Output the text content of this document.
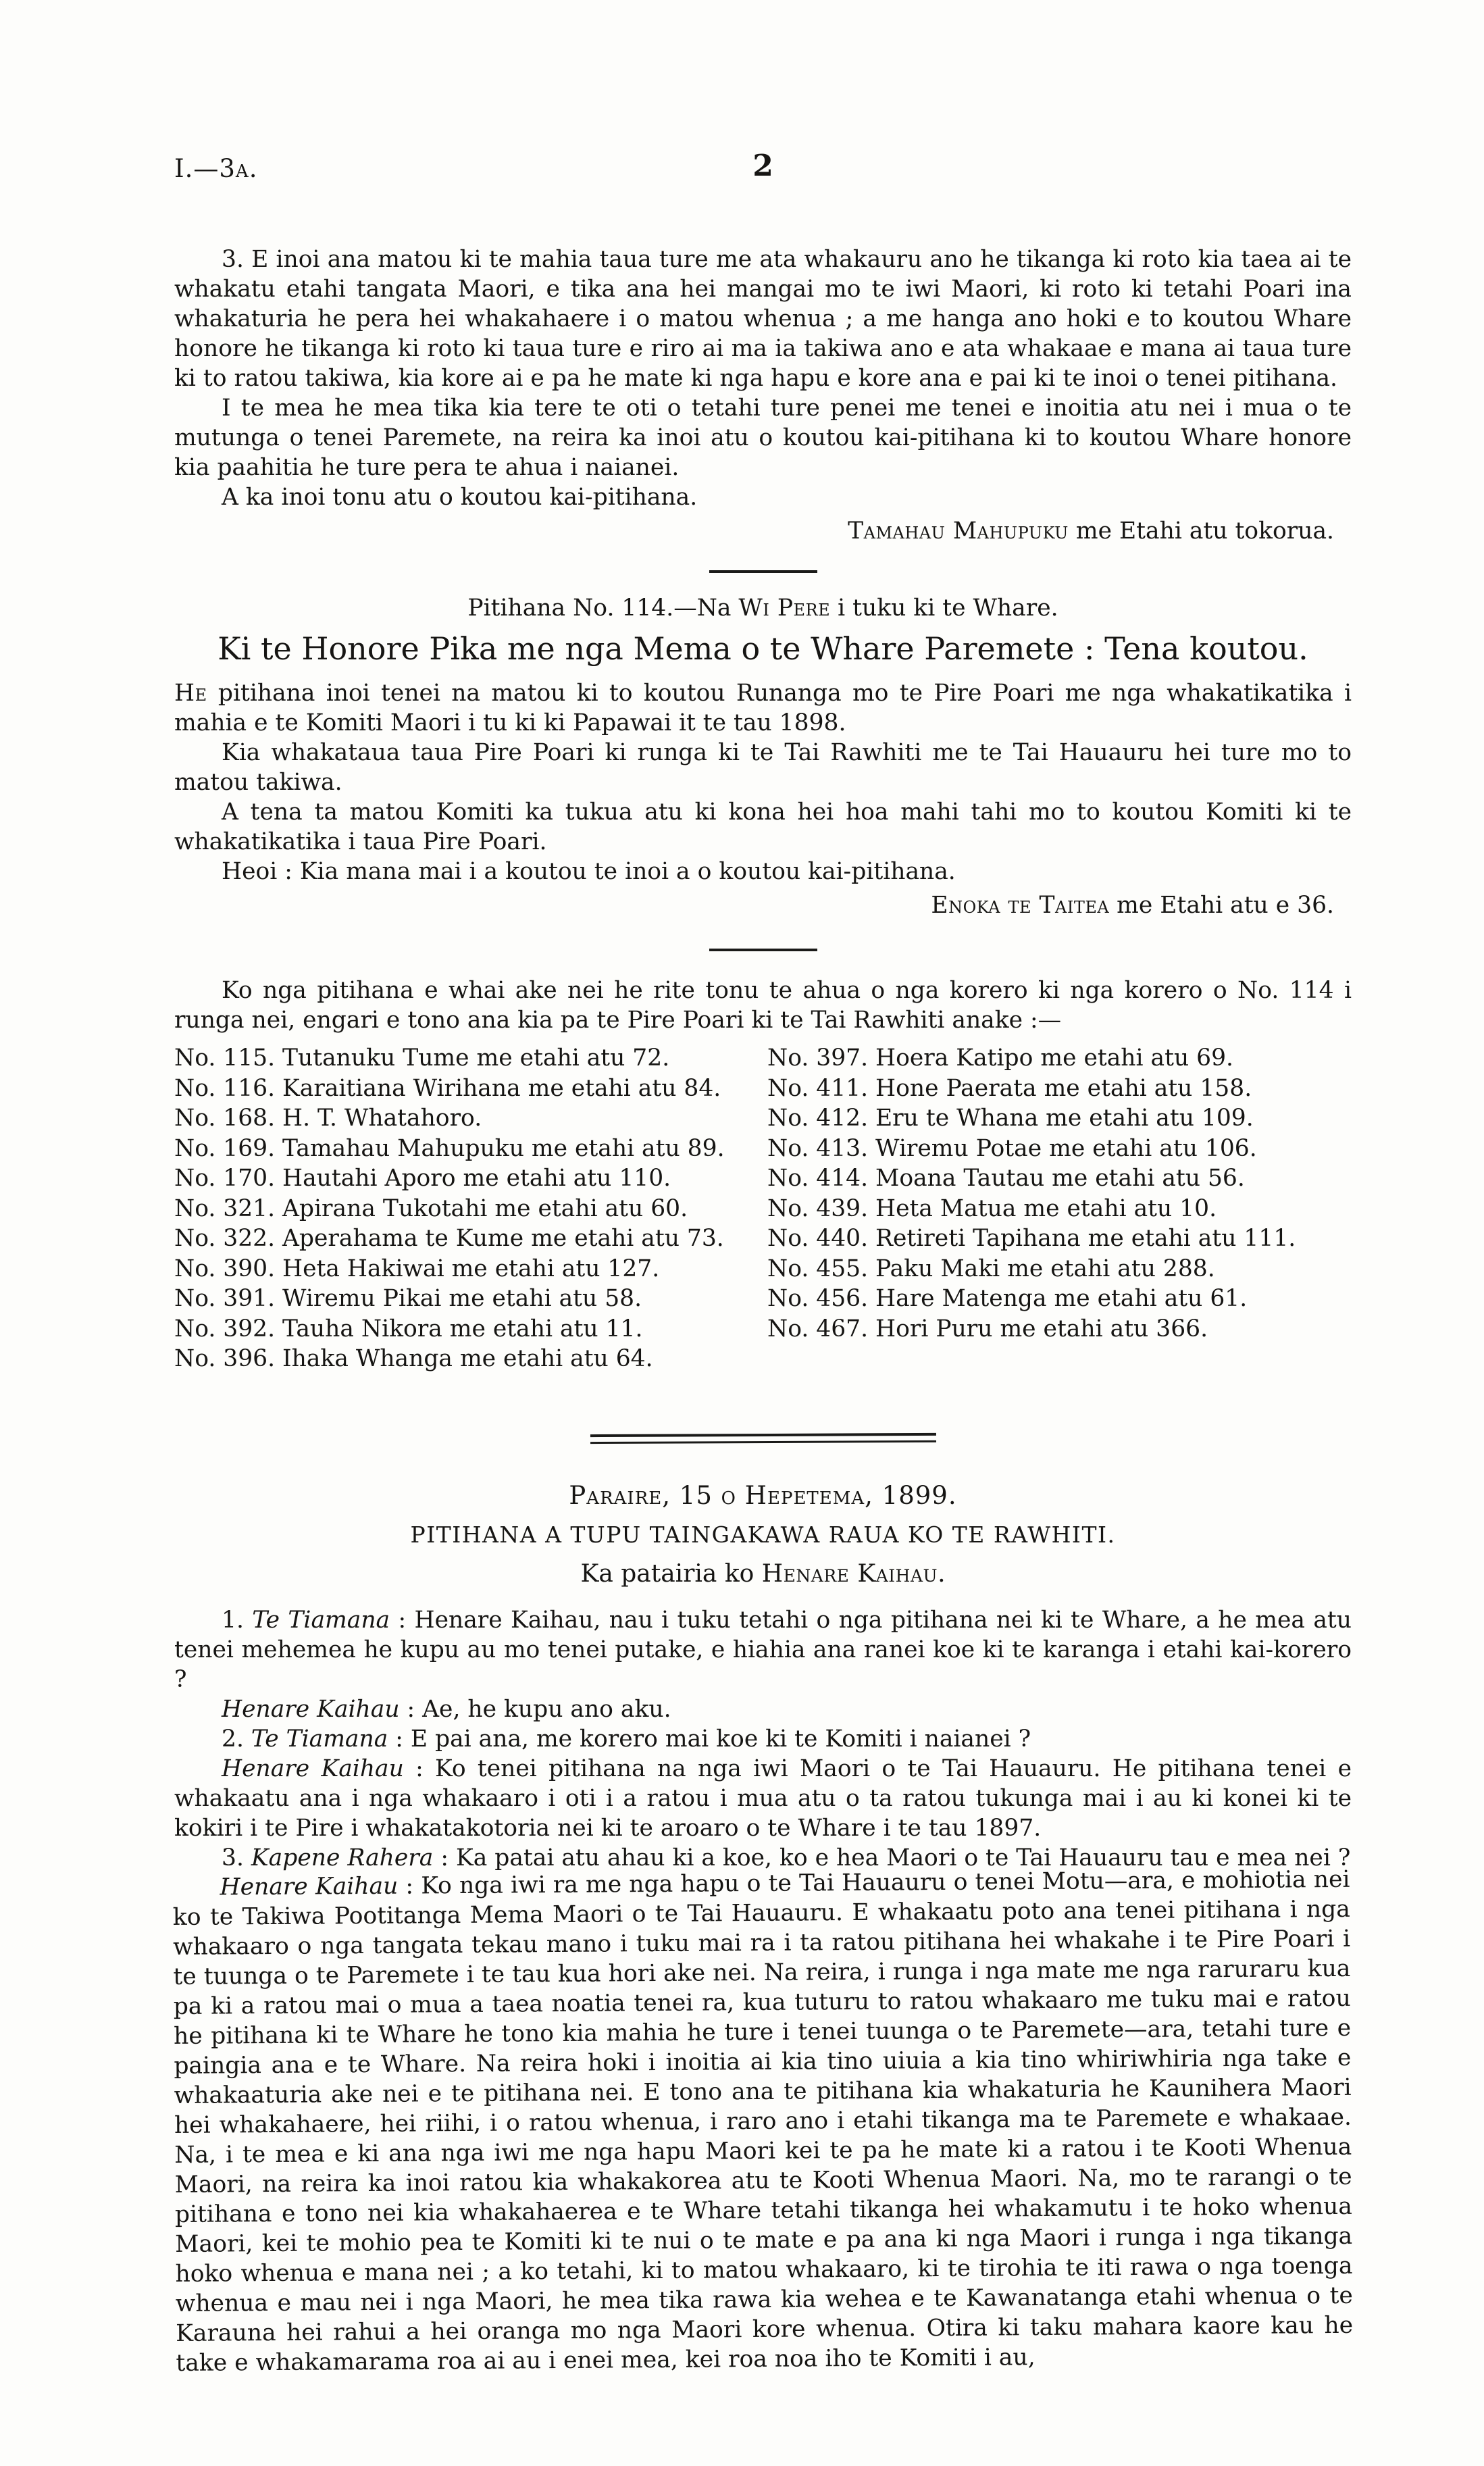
I.—3a.	2

3. E inoi ana matou ki te mahia taua ture me ata whakauru ano he tikanga ki roto kia taea ai te whakatu etahi tangata Maori, e tika ana hei mangai mo te iwi Maori, ki roto ki tetahi Poari ina whakaturia he pera hei whakahaere i o matou whenua ; a me hanga ano hoki e to koutou Whare honore he tikanga ki roto ki taua ture e riro ai ma ia takiwa ano e ata whakaae e mana ai taua ture ki to ratou takiwa, kia kore ai e pa he mate ki nga hapu e kore ana e pai ki te inoi o tenei pitihana.

I te mea he mea tika kia tere te oti o tetahi ture penei me tenei e inoitia atu nei i mua o te mutunga o tenei Paremete, na reira ka inoi atu o koutou kai-pitihana ki to koutou Whare honore kia paahitia he ture pera te ahua i naianei.

A ka inoi tonu atu o koutou kai-pitihana.

Tamahau Mahupuku me Etahi atu tokorua.

Pitihana No. 114.—Na Wi Pere i tuku ki te Whare.

Ki te Honore Pika me nga Mema o te Whare Paremete : Tena koutou.

He pitihana inoi tenei na matou ki to koutou Runanga mo te Pire Poari me nga whakatikatika i mahia e te Komiti Maori i tu ki ki Papawai it te tau 1898.

Kia whakataua taua Pire Poari ki runga ki te Tai Rawhiti me te Tai Hauauru hei ture mo to matou takiwa.

A tena ta matou Komiti ka tukua atu ki kona hei hoa mahi tahi mo to koutou Komiti ki te whakatikatika i taua Pire Poari.

Heoi : Kia mana mai i a koutou te inoi a o koutou kai-pitihana.

Enoka te Taitea me Etahi atu e 36.

Ko nga pitihana e whai ake nei he rite tonu te ahua o nga korero ki nga korero o No. 114 i runga nei, engari e tono ana kia pa te Pire Poari ki te Tai Rawhiti anake :—

No. 115. Tutanuku Tume me etahi atu 72.
No. 116. Karaitiana Wirihana me etahi atu 84.
No. 168. H. T. Whatahoro.
No. 169. Tamahau Mahupuku me etahi atu 89.
No. 170. Hautahi Aporo me etahi atu 110.
No. 321. Apirana Tukotahi me etahi atu 60.
No. 322. Aperahama te Kume me etahi atu 73.
No. 390. Heta Hakiwai me etahi atu 127.
No. 391. Wiremu Pikai me etahi atu 58.
No. 392. Tauha Nikora me etahi atu 11.
No. 396. Ihaka Whanga me etahi atu 64.
No. 397. Hoera Katipo me etahi atu 69.
No. 411. Hone Paerata me etahi atu 158.
No. 412. Eru te Whana me etahi atu 109.
No. 413. Wiremu Potae me etahi atu 106.
No. 414. Moana Tautau me etahi atu 56.
No. 439. Heta Matua me etahi atu 10.
No. 440. Retireti Tapihana me etahi atu 111.
No. 455. Paku Maki me etahi atu 288.
No. 456. Hare Matenga me etahi atu 61.
No. 467. Hori Puru me etahi atu 366.

Paraire, 15 o Hepetema, 1899.

PITIHANA A TUPU TAINGAKAWA RAUA KO TE RAWHITI.

Ka patairia ko Henare Kaihau.

1. Te Tiamana : Henare Kaihau, nau i tuku tetahi o nga pitihana nei ki te Whare, a he mea atu tenei mehemea he kupu au mo tenei putake, e hiahia ana ranei koe ki te karanga i etahi kai-korero ?

Henare Kaihau : Ae, he kupu ano aku.

2. Te Tiamana : E pai ana, me korero mai koe ki te Komiti i naianei ?

Henare Kaihau : Ko tenei pitihana na nga iwi Maori o te Tai Hauauru. He pitihana tenei e whakaatu ana i nga whakaaro i oti i a ratou i mua atu o ta ratou tukunga mai i au ki konei ki te kokiri i te Pire i whakatakotoria nei ki te aroaro o te Whare i te tau 1897.

3. Kapene Rahera : Ka patai atu ahau ki a koe, ko e hea Maori o te Tai Hauauru tau e mea nei ?

Henare Kaihau : Ko nga iwi ra me nga hapu o te Tai Hauauru o tenei Motu—ara, e mohiotia nei ko te Takiwa Pootitanga Mema Maori o te Tai Hauauru. E whakaatu poto ana tenei pitihana i nga whakaaro o nga tangata tekau mano i tuku mai ra i ta ratou pitihana hei whakahe i te Pire Poari i te tuunga o te Paremete i te tau kua hori ake nei. Na reira, i runga i nga mate me nga raruraru kua pa ki a ratou mai o mua a taea noatia tenei ra, kua tuturu to ratou whakaaro me tuku mai e ratou he pitihana ki te Whare he tono kia mahia he ture i tenei tuunga o te Paremete—ara, tetahi ture e paingia ana e te Whare. Na reira hoki i inoitia ai kia tino uiuia a kia tino whiriwhiria nga take e whakaaturia ake nei e te pitihana nei. E tono ana te pitihana kia whakaturia he Kaunihera Maori hei whakahaere, hei riihi, i o ratou whenua, i raro ano i etahi tikanga ma te Paremete e whakaae. Na, i te mea e ki ana nga iwi me nga hapu Maori kei te pa he mate ki a ratou i te Kooti Whenua Maori, na reira ka inoi ratou kia whakakorea atu te Kooti Whenua Maori. Na, mo te rarangi o te pitihana e tono nei kia whakahaerea e te Whare tetahi tikanga hei whakamutu i te hoko whenua Maori, kei te mohio pea te Komiti ki te nui o te mate e pa ana ki nga Maori i runga i nga tikanga hoko whenua e mana nei ; a ko tetahi, ki to matou whakaaro, ki te tirohia te iti rawa o nga toenga whenua e mau nei i nga Maori, he mea tika rawa kia wehea e te Kawanatanga etahi whenua o te Karauna hei rahui a hei oranga mo nga Maori kore whenua. Otira ki taku mahara kaore kau he take e whakamarama roa ai au i enei mea, kei roa noa iho te Komiti i au,
